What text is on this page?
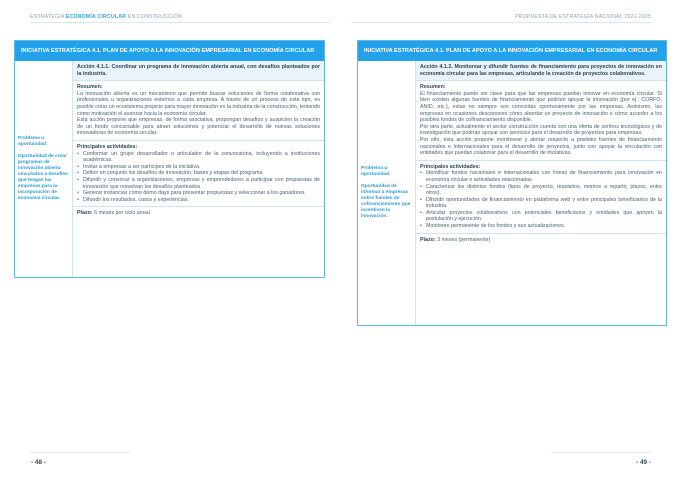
ESTRATEGIA ECONOMÍA CIRCULAR EN CONSTRUCCIÓN
INICIATIVA ESTRATÉGICA 4.1. PLAN DE APOYO A LA INNOVACIÓN EMPRESARIAL EN ECONOMÍA CIRCULAR
Problema u oportunidad:
Oportunidad de crear programas de innovación abierta vinculados a desafíos que tengan las empresas para la incorporación de economía circular.
Acción 4.1.1. Coordinar un programa de innovación abierta anual, con desafíos planteados por la industria.
Resumen:
La innovación abierta es un mecanismo que permite buscar soluciones de forma colaborativa con profesionales u organizaciones externos a cada empresa. A través de un proceso de este tipo, es posible crear un ecosistema propicio para mayor innovación en la industria de la construcción, teniendo como motivación el avanzar hacia la economía circular.
Esta acción propone que empresas, de forma asociativa, propongan desafíos y auspicien la creación de un fondo concursable para atraer soluciones y potenciar el desarrollo de nuevas soluciones innovadoras de economía circular.
Principales actividades:
• Conformar un grupo desarrollador o articulador de la convocatoria, incluyendo a instituciones académicas.
• Invitar a empresas a ser partícipes de la iniciativa.
• Definir en conjunto los desafíos de innovación, bases y etapas del programa.
• Difundir y convocar a organizaciones, empresas y emprendedores a participar con propuestas de innovación que resuelvan los desafíos planteados.
• Generar instancias como demo days para presentar propuestas y seleccionar a los ganadores.
• Difundir los resultados, casos y experiencias.
Plazo: 6 meses por ciclo anual
- 48 -
PROPUESTA DE ESTRATEGIA NACIONAL 2021-2025
INICIATIVA ESTRATÉGICA 4.1. PLAN DE APOYO A LA INNOVACIÓN EMPRESARIAL EN ECONOMÍA CIRCULAR
Problema u oportunidad:
Oportunidad de informar a empresas sobre fuentes de cofinanciamiento que incentiven la innovación.
Acción 4.1.2. Monitorear y difundir fuentes de financiamiento para proyectos de innovación en economía circular para las empresas, articulando la creación de proyectos colaborativos.
Resumen:
El financiamiento puede ser clave para que las empresas puedan innovar en economía circular. Si bien existen algunas fuentes de financiamiento que podrían apoyar la innovación (por ej.: CORFO, ANID, etc.), estas no siempre son conocidas oportunamente por las empresas. Asimismo, las empresas en ocasiones desconocen cómo abordar un proyecto de innovación o cómo acceder a los posibles fondos de cofinanciamiento disponible.
Por otra parte, actualmente el sector construcción cuenta con una oferta de centros tecnológicos y de investigación que podrían apoyar con servicios para el desarrollo de proyectos para empresas.
Por ello, esta acción propone monitorear y alertar respecto a posibles fuentes de financiamiento nacionales e internacionales para el desarrollo de proyectos, junto con apoyar la vinculación con entidades que puedan colaborar para el desarrollo de iniciativas.
Principales actividades:
• Identificar fondos nacionales e internacionales con líneas de financiamiento para innovación en economía circular o actividades relacionadas.
• Caracterizar los distintos fondos (tipos de proyecto, requisitos, montos a repartir, plazos, entre otros).
• Difundir oportunidades de financiamiento en plataforma web y entre principales beneficiarios de la industria.
• Articular proyectos colaborativos con potenciales beneficiarios y entidades que apoyen la postulación y ejecución.
• Monitoreo permanente de los fondos y sus actualizaciones.
Plazo: 3 meses (permanente)
- 49 -
